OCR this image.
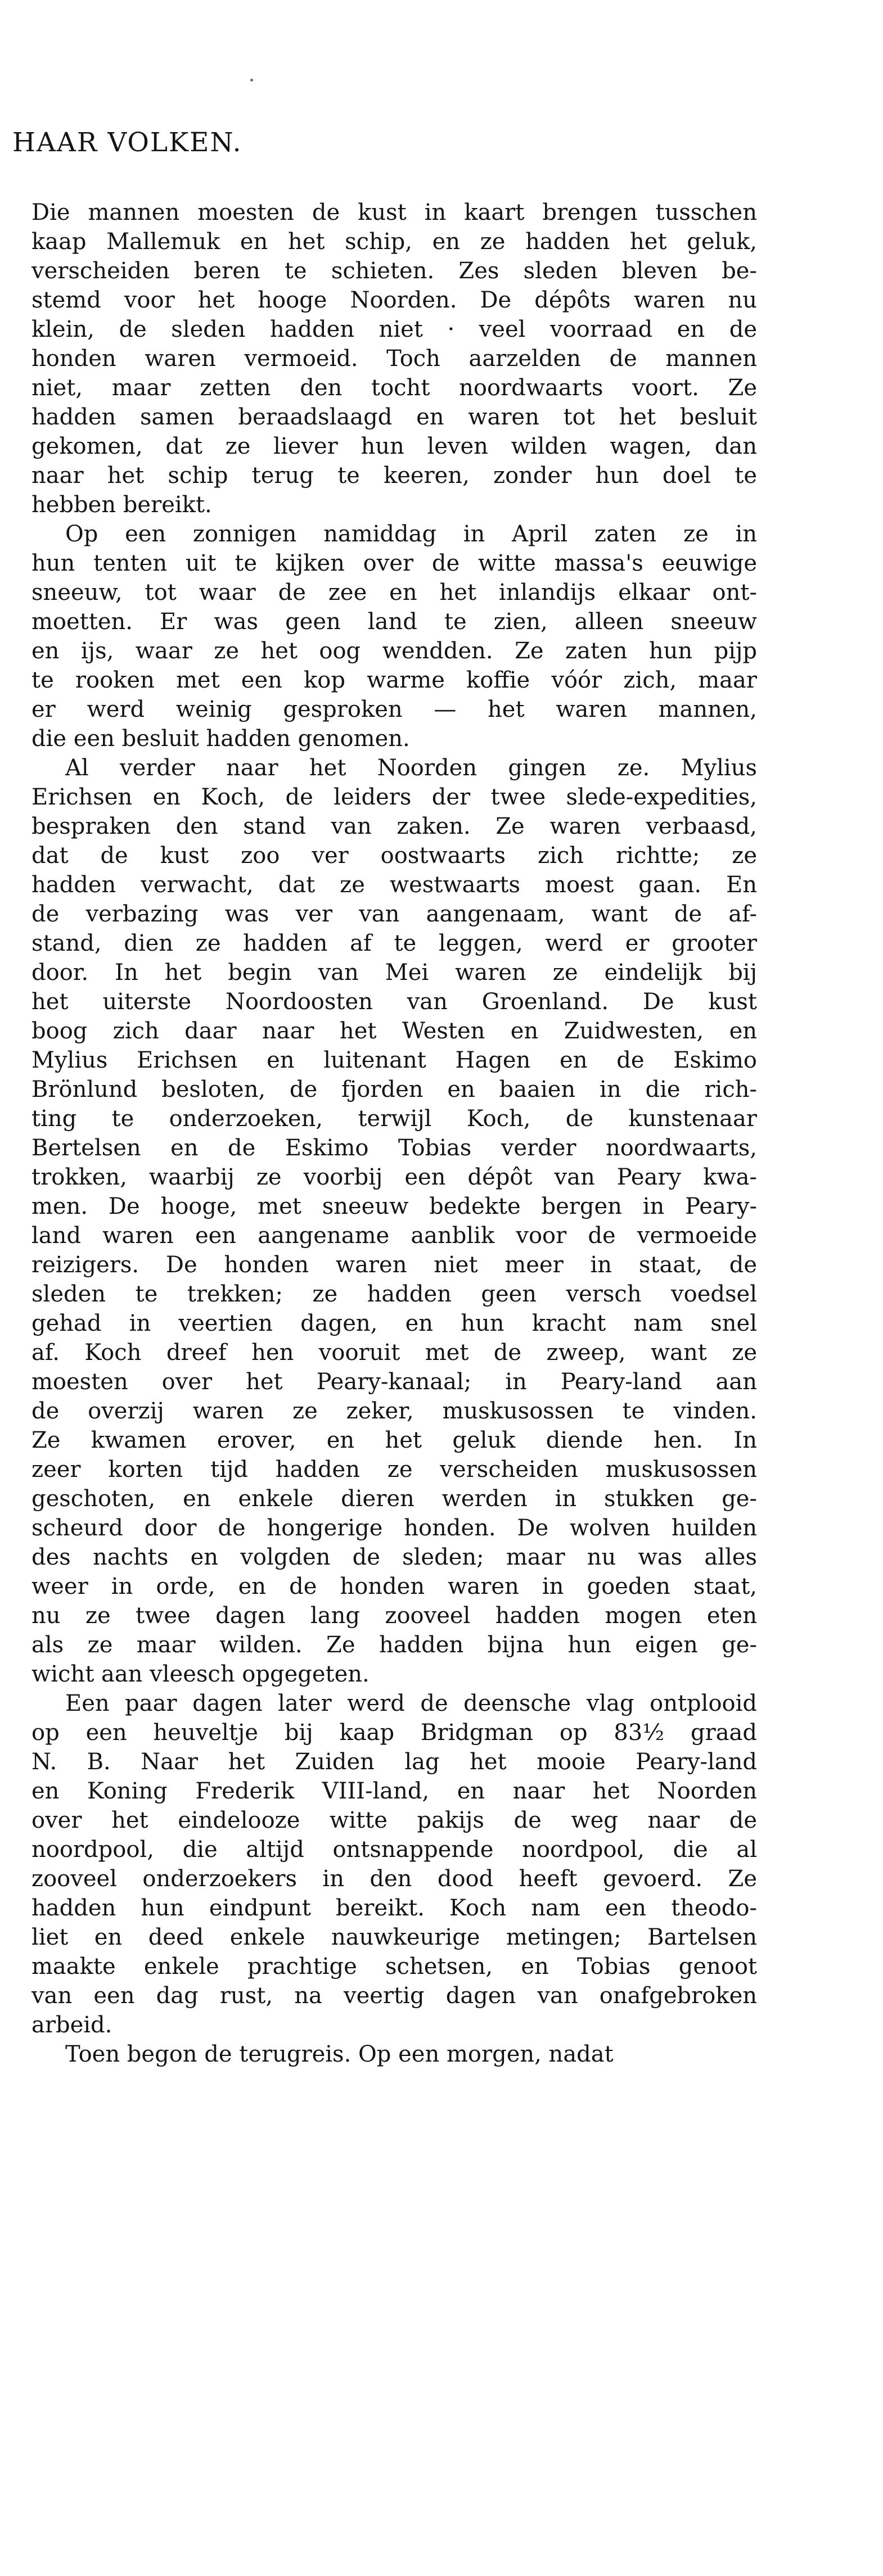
HAAR VOLKEN.
Die mannen moesten de kust in kaart brengen tusschen
kaap Mallemuk en het schip, en ze hadden het geluk,
verscheiden beren te schieten. Zes sleden bleven be-
stemd voor het hooge Noorden. De dépôts waren nu
klein, de sleden hadden niet · veel voorraad en de
honden waren vermoeid. Toch aarzelden de mannen
niet, maar zetten den tocht noordwaarts voort. Ze
hadden samen beraadslaagd en waren tot het besluit
gekomen, dat ze liever hun leven wilden wagen, dan
naar het schip terug te keeren, zonder hun doel te
hebben bereikt.
Op een zonnigen namiddag in April zaten ze in
hun tenten uit te kijken over de witte massa's eeuwige
sneeuw, tot waar de zee en het inlandijs elkaar ont-
moetten. Er was geen land te zien, alleen sneeuw
en ijs, waar ze het oog wendden. Ze zaten hun pijp
te rooken met een kop warme koffie vóór zich, maar
er werd weinig gesproken — het waren mannen,
die een besluit hadden genomen.
Al verder naar het Noorden gingen ze. Mylius
Erichsen en Koch, de leiders der twee slede-expedities,
bespraken den stand van zaken. Ze waren verbaasd,
dat de kust zoo ver oostwaarts zich richtte; ze
hadden verwacht, dat ze westwaarts moest gaan. En
de verbazing was ver van aangenaam, want de af-
stand, dien ze hadden af te leggen, werd er grooter
door. In het begin van Mei waren ze eindelijk bij
het uiterste Noordoosten van Groenland. De kust
boog zich daar naar het Westen en Zuidwesten, en
Mylius Erichsen en luitenant Hagen en de Eskimo
Brönlund besloten, de fjorden en baaien in die rich-
ting te onderzoeken, terwijl Koch, de kunstenaar
Bertelsen en de Eskimo Tobias verder noordwaarts,
trokken, waarbij ze voorbij een dépôt van Peary kwa-
men. De hooge, met sneeuw bedekte bergen in Peary-
land waren een aangename aanblik voor de vermoeide
reizigers. De honden waren niet meer in staat, de
sleden te trekken; ze hadden geen versch voedsel
gehad in veertien dagen, en hun kracht nam snel
af. Koch dreef hen vooruit met de zweep, want ze
moesten over het Peary-kanaal; in Peary-land aan
de overzij waren ze zeker, muskusossen te vinden.
Ze kwamen erover, en het geluk diende hen. In
zeer korten tijd hadden ze verscheiden muskusossen
geschoten, en enkele dieren werden in stukken ge-
scheurd door de hongerige honden. De wolven huilden
des nachts en volgden de sleden; maar nu was alles
weer in orde, en de honden waren in goeden staat,
nu ze twee dagen lang zooveel hadden mogen eten
als ze maar wilden. Ze hadden bijna hun eigen ge-
wicht aan vleesch opgegeten.
Een paar dagen later werd de deensche vlag ontplooid
op een heuveltje bij kaap Bridgman op 83½ graad
N. B. Naar het Zuiden lag het mooie Peary-land
en Koning Frederik VIII-land, en naar het Noorden
over het eindelooze witte pakijs de weg naar de
noordpool, die altijd ontsnappende noordpool, die al
zooveel onderzoekers in den dood heeft gevoerd. Ze
hadden hun eindpunt bereikt. Koch nam een theodo-
liet en deed enkele nauwkeurige metingen; Bartelsen
maakte enkele prachtige schetsen, en Tobias genoot
van een dag rust, na veertig dagen van onafgebroken
arbeid.
Toen begon de terugreis. Op een morgen, nadat
